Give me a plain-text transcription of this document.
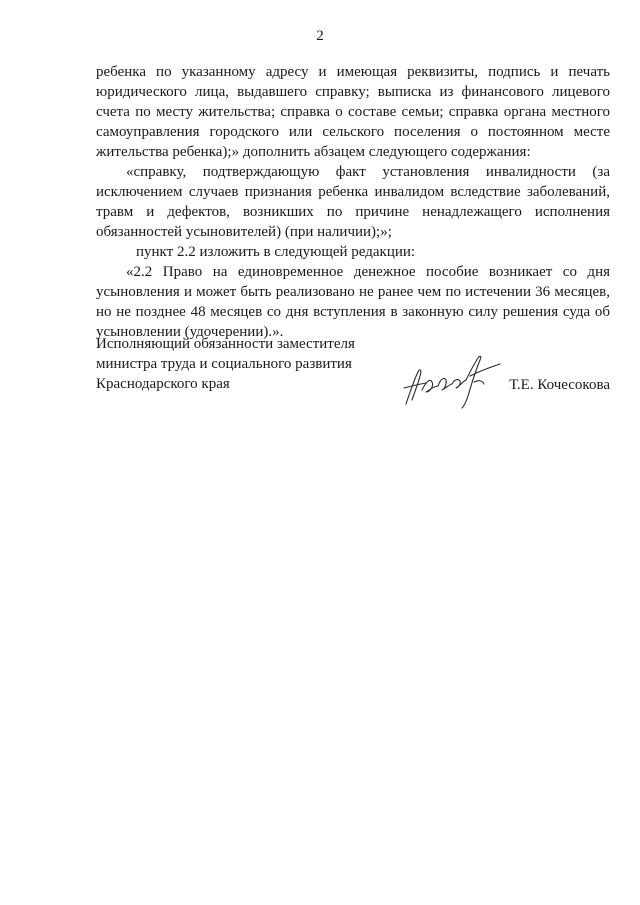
2

ребенка по указанному адресу и имеющая реквизиты, подпись и печать юридического лица, выдавшего справку; выписка из финансового лицевого счета по месту жительства; справка о составе семьи; справка органа местного самоуправления городского или сельского поселения о постоянном месте жительства ребенка);» дополнить абзацем следующего содержания:

«справку, подтверждающую факт установления инвалидности (за исключением случаев признания ребенка инвалидом вследствие заболеваний, травм и дефектов, возникших по причине ненадлежащего исполнения обязанностей усыновителей) (при наличии);»;

пункт 2.2 изложить в следующей редакции:

«2.2 Право на единовременное денежное пособие возникает со дня усыновления и может быть реализовано не ранее чем по истечении 36 месяцев, но не позднее 48 месяцев со дня вступления в законную силу решения суда об усыновлении (удочерении).».

Исполняющий обязанности заместителя
министра труда и социального развития
Краснодарского края	Т.Е. Кочесокова
